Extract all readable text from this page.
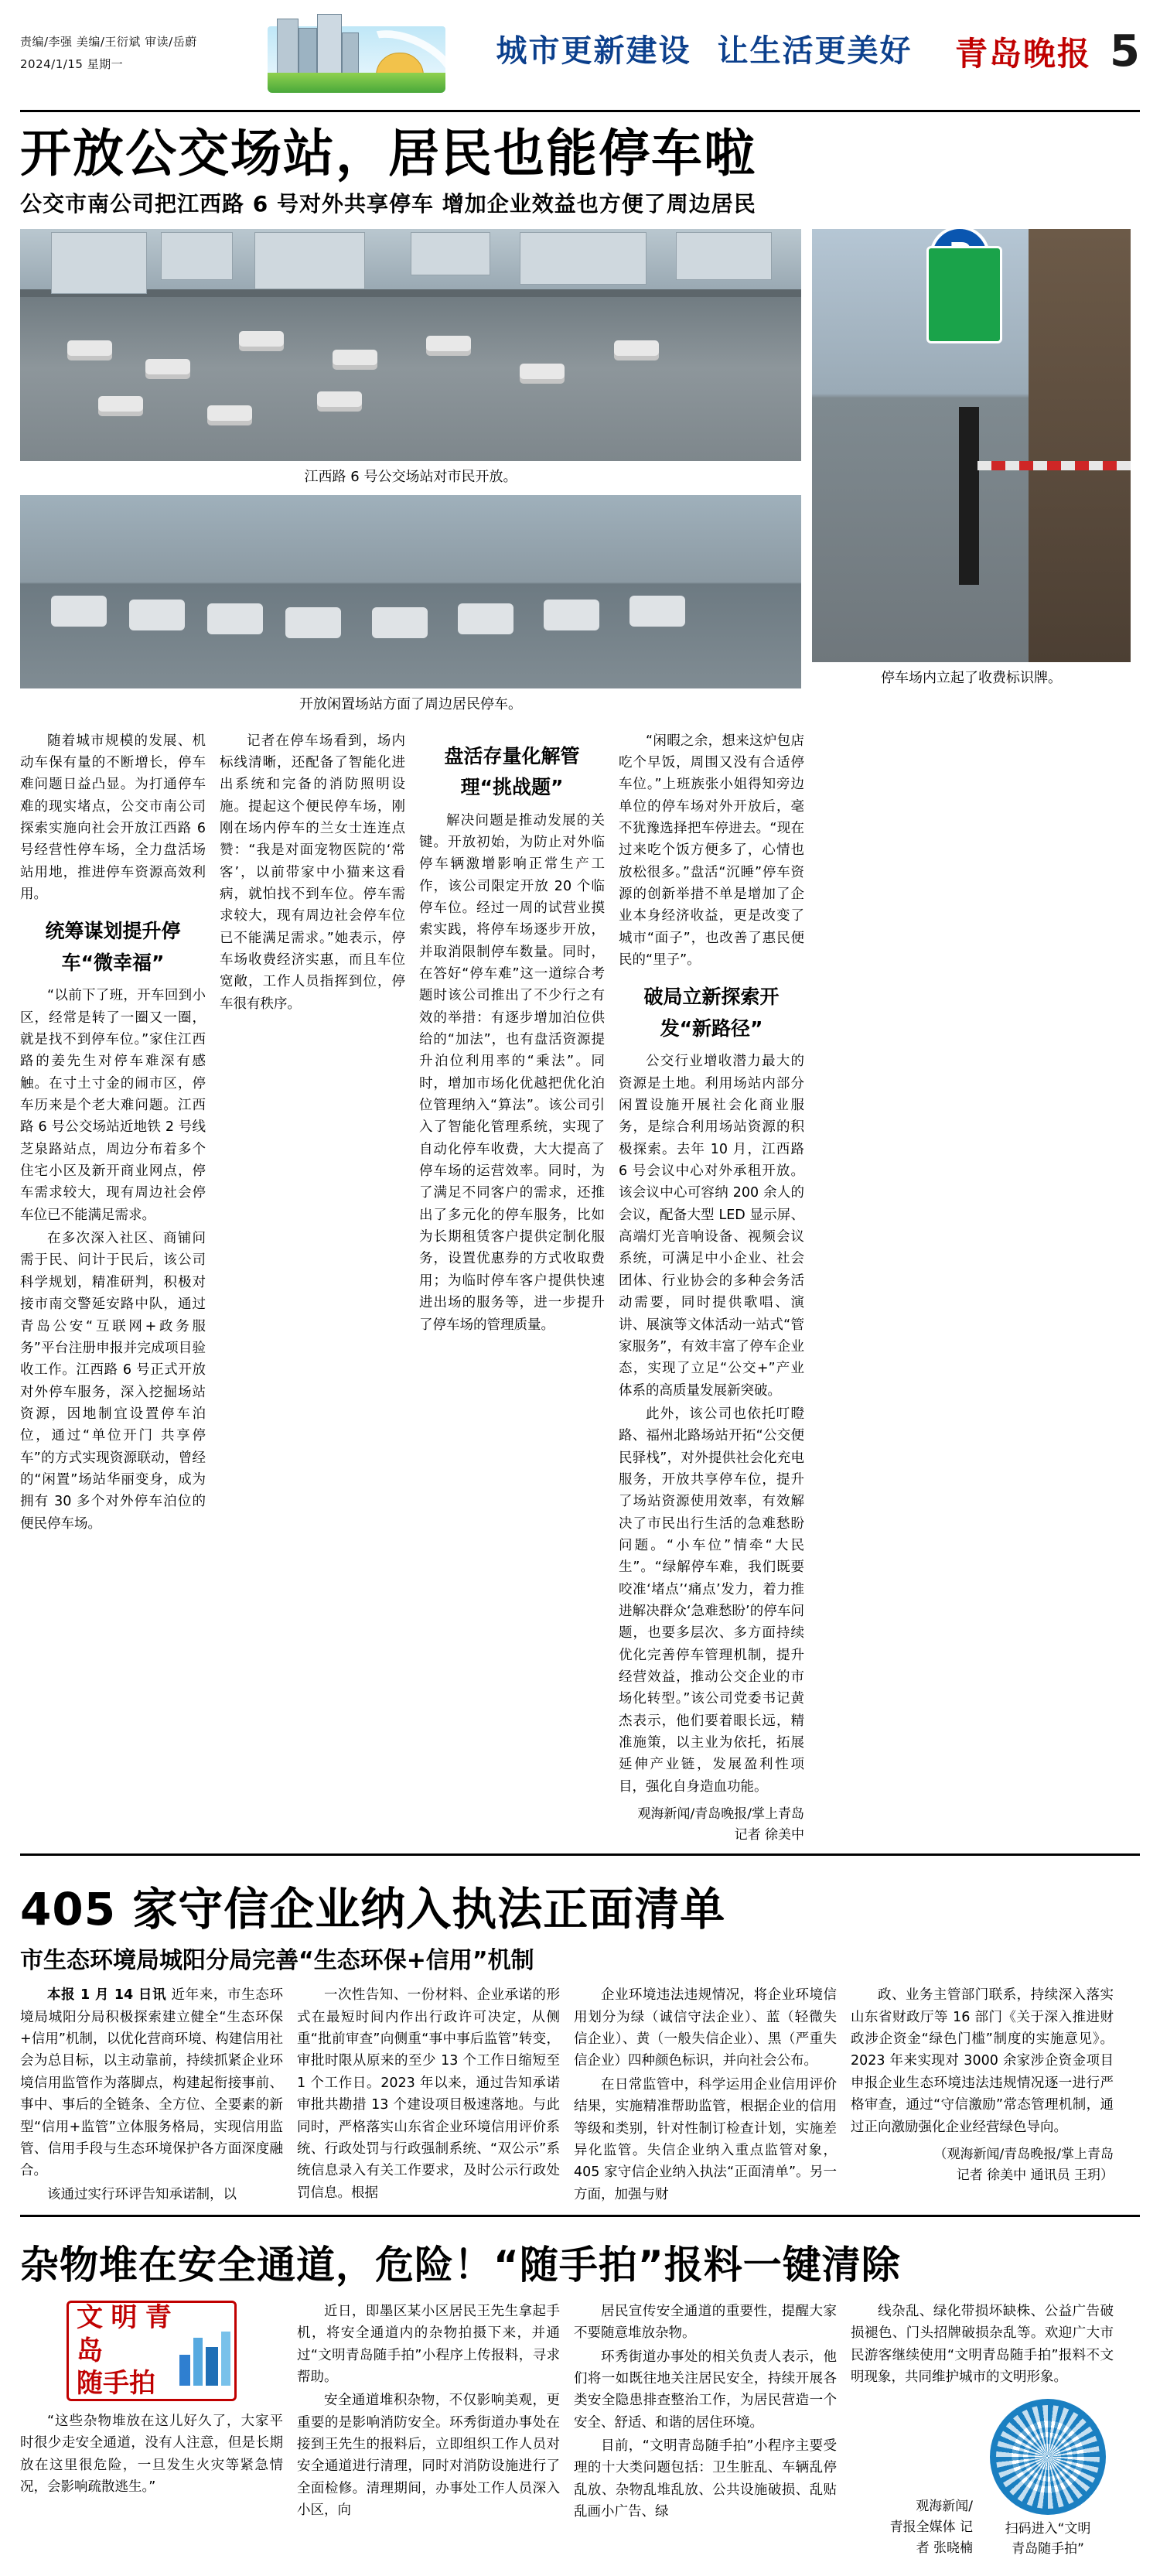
责编/李强 美编/王衍斌 审读/岳蔚
2024/1/15 星期一	城市更新建设 让生活更美好 青岛晚报 5
开放公交场站，居民也能停车啦
公交市南公司把江西路 6 号对外共享停车 增加企业效益也方便了周边居民
江西路 6 号公交场站对市民开放。
开放闲置场站方面了周边居民停车。
停车场内立起了收费标识牌。

随着城市规模的发展、机动车保有量的不断增长，停车难问题日益凸显。为打通停车难的现实堵点，公交市南公司探索实施向社会开放江西路 6 号经营性停车场，全力盘活场站用地，推进停车资源高效利用。

统筹谋划提升停车“微幸福”

“以前下了班，开车回到小区，经常是转了一圈又一圈，就是找不到停车位。”家住江西路的姜先生对停车难深有感触。在寸土寸金的闹市区，停车历来是个老大难问题。江西路 6 号公交场站近地铁 2 号线芝泉路站点，周边分布着多个住宅小区及新开商业网点，停车需求较大，现有周边社会停车位已不能满足需求。

在多次深入社区、商铺问需于民、问计于民后，该公司科学规划，精准研判，积极对接市南交警延安路中队，通过青岛公安“互联网+政务服务”平台注册申报并完成项目验收工作。江西路 6 号正式开放对外停车服务，深入挖掘场站资源，因地制宜设置停车泊位，通过“单位开门 共享停车”的方式实现资源联动，曾经的“闲置”场站华丽变身，成为拥有 30 多个对外停车泊位的便民停车场。

记者在停车场看到，场内标线清晰，还配备了智能化进出系统和完备的消防照明设施。提起这个便民停车场，刚刚在场内停车的兰女士连连点赞：“我是对面宠物医院的‘常客’，以前带家中小猫来这看病，就怕找不到车位。停车需求较大，现有周边社会停车位已不能满足需求。”她表示，停车场收费经济实惠，而且车位宽敞，工作人员指挥到位，停车很有秩序。

盘活存量化解管理“挑战题”

解决问题是推动发展的关键。开放初始，为防止对外临停车辆激增影响正常生产工作，该公司限定开放 20 个临停车位。经过一周的试营业摸索实践，将停车场逐步开放，并取消限制停车数量。同时，在答好“停车难”这一道综合考题时该公司推出了不少行之有效的举措：有逐步增加泊位供给的“加法”，也有盘活资源提升泊位利用率的“乘法”。同时，增加市场化优越把优化泊位管理纳入“算法”。该公司引入了智能化管理系统，实现了自动化停车收费，大大提高了停车场的运营效率。同时，为了满足不同客户的需求，还推出了多元化的停车服务，比如为长期租赁客户提供定制化服务，设置优惠券的方式收取费用；为临时停车客户提供快速进出场的服务等，进一步提升了停车场的管理质量。

“闲暇之余，想来这炉包店吃个早饭，周围又没有合适停车位。”上班族张小姐得知旁边单位的停车场对外开放后，毫不犹豫选择把车停进去。“现在过来吃个饭方便多了，心情也放松很多。”盘活“沉睡”停车资源的创新举措不单是增加了企业本身经济收益，更是改变了城市“面子”，也改善了惠民便民的“里子”。

破局立新探索开发“新路径”

公交行业增收潜力最大的资源是土地。利用场站内部分闲置设施开展社会化商业服务，是综合利用场站资源的积极探索。去年 10 月，江西路 6 号会议中心对外承租开放。该会议中心可容纳 200 余人的会议，配备大型 LED 显示屏、高端灯光音响设备、视频会议系统，可满足中小企业、社会团体、行业协会的多种会务活动需要，同时提供歌唱、演讲、展演等文体活动一站式“管家服务”，有效丰富了停车企业态，实现了立足“公交+”产业体系的高质量发展新突破。

此外，该公司也依托叮瞪路、福州北路场站开拓“公交便民驿栈”，对外提供社会化充电服务，开放共享停车位，提升了场站资源使用效率，有效解决了市民出行生活的急难愁盼问题。“小车位”情牵“大民生”。“绿解停车难，我们既要咬准‘堵点’‘痛点’发力，着力推进解决群众‘急难愁盼’的停车问题，也要多层次、多方面持续优化完善停车管理机制，提升经营效益，推动公交企业的市场化转型。”该公司党委书记黄杰表示，他们要着眼长远，精准施策，以主业为依托，拓展延伸产业链，发展盈利性项目，强化自身造血功能。

观海新闻/青岛晚报/掌上青岛
记者 徐美中
405 家守信企业纳入执法正面清单
市生态环境局城阳分局完善“生态环保+信用”机制

本报 1 月 14 日讯 近年来，市生态环境局城阳分局积极探索建立健全“生态环保+信用”机制，以优化营商环境、构建信用社会为总目标，以主动靠前，持续抓紧企业环境信用监管作为落脚点，构建起衔接事前、事中、事后的全链条、全方位、全要素的新型“信用+监管”立体服务格局，实现信用监管、信用手段与生态环境保护各方面深度融合。

该通过实行环评告知承诺制，以

一次性告知、一份材料、企业承诺的形式在最短时间内作出行政许可决定，从侧重“批前审查”向侧重“事中事后监管”转变，审批时限从原来的至少 13 个工作日缩短至 1 个工作日。2023 年以来，通过告知承诺审批共勘措 13 个建设项目极速落地。与此同时，严格落实山东省企业环境信用评价系统、行政处罚与行政强制系统、“双公示”系统信息录入有关工作要求，及时公示行政处罚信息。根据

企业环境违法违规情况，将企业环境信用划分为绿（诚信守法企业）、蓝（轻微失信企业）、黄（一般失信企业）、黑（严重失信企业）四种颜色标识，并向社会公布。

在日常监管中，科学运用企业信用评价结果，实施精准帮助监管，根据企业的信用等级和类别，针对性制订检查计划，实施差异化监管。失信企业纳入重点监管对象，405 家守信企业纳入执法“正面清单”。另一方面，加强与财

政、业务主管部门联系，持续深入落实山东省财政厅等 16 部门《关于深入推进财政涉企资金“绿色门槛”制度的实施意见》。2023 年来实现对 3000 余家涉企资金项目申报企业生态环境违法违规情况逐一进行严格审查，通过“守信激励”常态管理机制，通过正向激励强化企业经营绿色导向。

（观海新闻/青岛晚报/掌上青岛
记者 徐美中 通讯员 王玥）
杂物堆在安全通道，危险！“随手拍”报料一键清除
文明青岛
随手拍

“这些杂物堆放在这儿好久了，大家平时很少走安全通道，没有人注意，但是长期放在这里很危险，一旦发生火灾等紧急情况，会影响疏散逃生。”

近日，即墨区某小区居民王先生拿起手机，将安全通道内的杂物拍摄下来，并通过“文明青岛随手拍”小程序上传报料，寻求帮助。

安全通道堆积杂物，不仅影响美观，更重要的是影响消防安全。环秀街道办事处在接到王先生的报料后，立即组织工作人员对安全通道进行清理，同时对消防设施进行了全面检修。清理期间，办事处工作人员深入小区，向

居民宣传安全通道的重要性，提醒大家不要随意堆放杂物。

环秀街道办事处的相关负责人表示，他们将一如既往地关注居民安全，持续开展各类安全隐患排查整治工作，为居民营造一个安全、舒适、和谐的居住环境。

目前，“文明青岛随手拍”小程序主要受理的十大类问题包括：卫生脏乱、车辆乱停乱放、杂物乱堆乱放、公共设施破损、乱贴乱画小广告、绿

线杂乱、绿化带损坏缺株、公益广告破损褪色、门头招牌破损杂乱等。欢迎广大市民游客继续使用“文明青岛随手拍”报料不文明现象，共同维护城市的文明形象。

观海新闻/
青报全媒体 记
者 张晓楠
扫码进入“文明
青岛随手拍”
